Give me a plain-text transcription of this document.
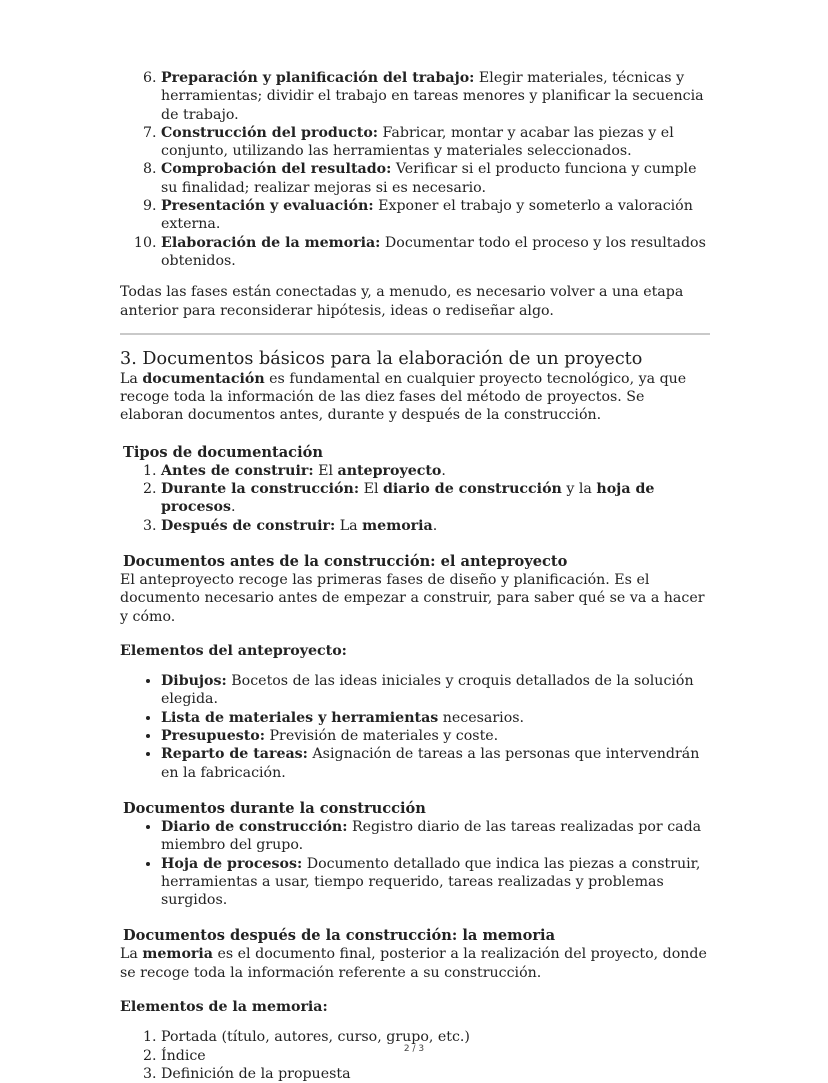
6. Preparación y planificación del trabajo: Elegir materiales, técnicas y herramientas; dividir el trabajo en tareas menores y planificar la secuencia de trabajo.
7. Construcción del producto: Fabricar, montar y acabar las piezas y el conjunto, utilizando las herramientas y materiales seleccionados.
8. Comprobación del resultado: Verificar si el producto funciona y cumple su finalidad; realizar mejoras si es necesario.
9. Presentación y evaluación: Exponer el trabajo y someterlo a valoración externa.
10. Elaboración de la memoria: Documentar todo el proceso y los resultados obtenidos.

Todas las fases están conectadas y, a menudo, es necesario volver a una etapa anterior para reconsiderar hipótesis, ideas o rediseñar algo.

3. Documentos básicos para la elaboración de un proyecto

La documentación es fundamental en cualquier proyecto tecnológico, ya que recoge toda la información de las diez fases del método de proyectos. Se elaboran documentos antes, durante y después de la construcción.

Tipos de documentación
1. Antes de construir: El anteproyecto.
2. Durante la construcción: El diario de construcción y la hoja de procesos.
3. Después de construir: La memoria.
Documentos antes de la construcción: el anteproyecto

El anteproyecto recoge las primeras fases de diseño y planificación. Es el documento necesario antes de empezar a construir, para saber qué se va a hacer y cómo.

Elementos del anteproyecto:

• Dibujos: Bocetos de las ideas iniciales y croquis detallados de la solución elegida.
• Lista de materiales y herramientas necesarios.
• Presupuesto: Previsión de materiales y coste.
• Reparto de tareas: Asignación de tareas a las personas que intervendrán en la fabricación.
Documentos durante la construcción
• Diario de construcción: Registro diario de las tareas realizadas por cada miembro del grupo.
• Hoja de procesos: Documento detallado que indica las piezas a construir, herramientas a usar, tiempo requerido, tareas realizadas y problemas surgidos.
Documentos después de la construcción: la memoria

La memoria es el documento final, posterior a la realización del proyecto, donde se recoge toda la información referente a su construcción.

Elementos de la memoria:

1. Portada (título, autores, curso, grupo, etc.)
2. Índice
3. Definición de la propuesta
2 / 3
